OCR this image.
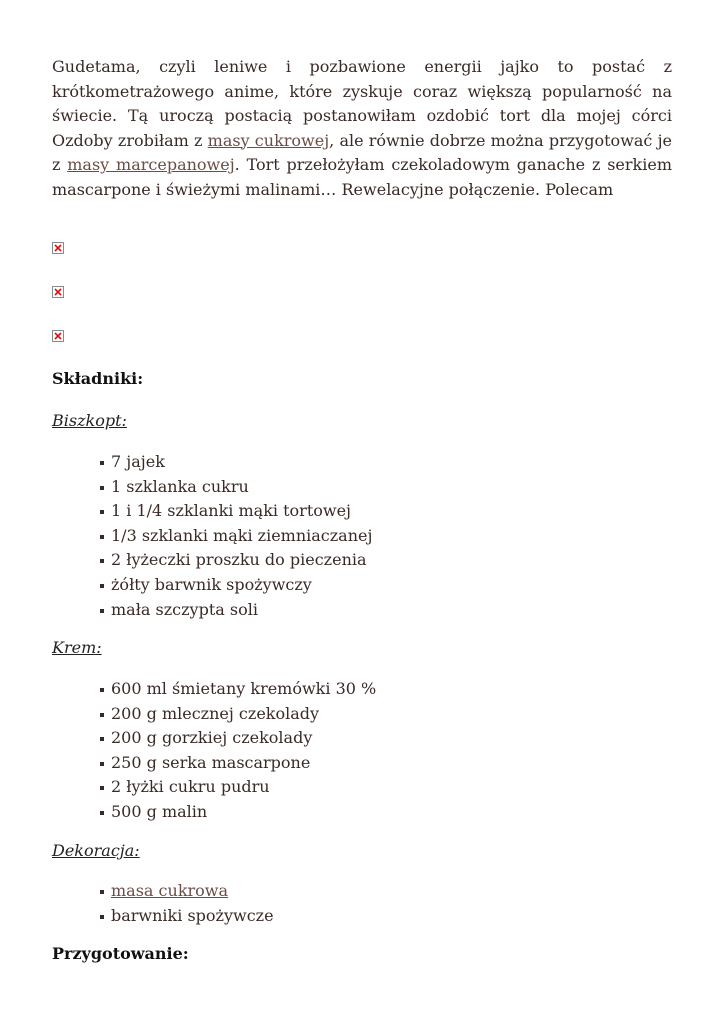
Gudetama, czyli leniwe i pozbawione energii jajko to postać z krótkometrażowego anime, które zyskuje coraz większą popularność na świecie. Tą uroczą postacią postanowiłam ozdobić tort dla mojej córci Ozdoby zrobiłam z masy cukrowej, ale równie dobrze można przygotować je z masy marcepanowej. Tort przełożyłam czekoladowym ganache z serkiem mascarpone i świeżymi malinami… Rewelacyjne połączenie. Polecam

Składniki:

Biszkopt:

7 jajek
1 szklanka cukru
1 i 1/4 szklanki mąki tortowej
1/3 szklanki mąki ziemniaczanej
2 łyżeczki proszku do pieczenia
żółty barwnik spożywczy
mała szczypta soli

Krem:

600 ml śmietany kremówki 30 %
200 g mlecznej czekolady
200 g gorzkiej czekolady
250 g serka mascarpone
2 łyżki cukru pudru
500 g malin

Dekoracja:

masa cukrowa
barwniki spożywcze
Przygotowanie:
